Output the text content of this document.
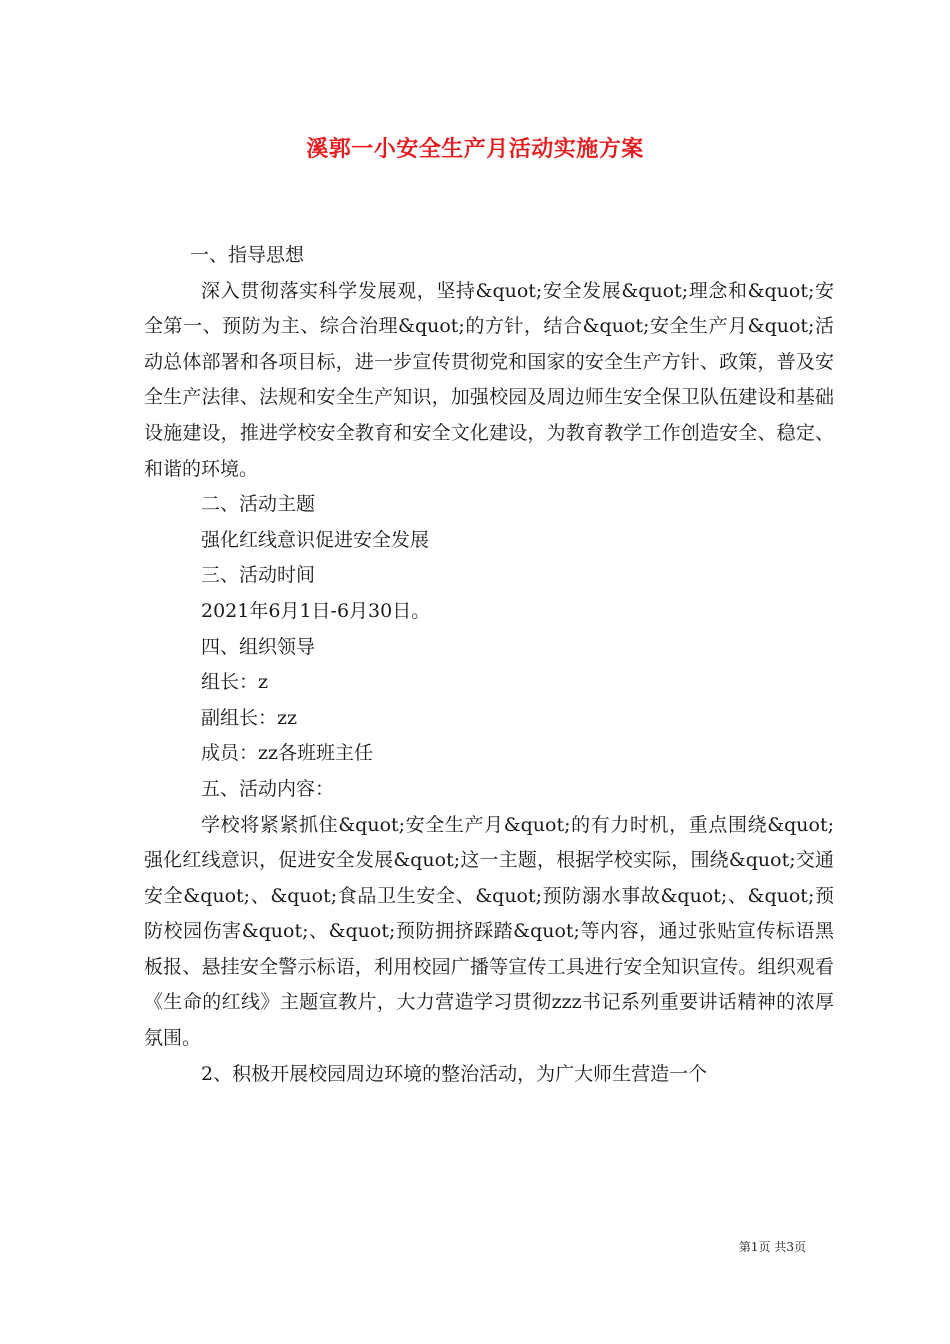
溪郭一小安全生产月活动实施方案

一、指导思想

深入贯彻落实科学发展观，坚持&quot;安全发展&quot;理念和&quot;安全第一、预防为主、综合治理&quot;的方针，结合&quot;安全生产月&quot;活动总体部署和各项目标，进一步宣传贯彻党和国家的安全生产方针、政策，普及安全生产法律、法规和安全生产知识，加强校园及周边师生安全保卫队伍建设和基础设施建设，推进学校安全教育和安全文化建设，为教育教学工作创造安全、稳定、和谐的环境。

二、活动主题

强化红线意识促进安全发展

三、活动时间

2021年6月1日-6月30日。

四、组织领导

组长：z

副组长：zz

成员：zz各班班主任

五、活动内容：

学校将紧紧抓住&quot;安全生产月&quot;的有力时机，重点围绕&quot;强化红线意识，促进安全发展&quot;这一主题，根据学校实际，围绕&quot;交通安全&quot;、&quot;食品卫生安全、&quot;预防溺水事故&quot;、&quot;预防校园伤害&quot;、&quot;预防拥挤踩踏&quot;等内容，通过张贴宣传标语黑板报、悬挂安全警示标语，利用校园广播等宣传工具进行安全知识宣传。组织观看《生命的红线》主题宣教片，大力营造学习贯彻zzz书记系列重要讲话精神的浓厚氛围。

2、积极开展校园周边环境的整治活动，为广大师生营造一个

第1页 共3页
